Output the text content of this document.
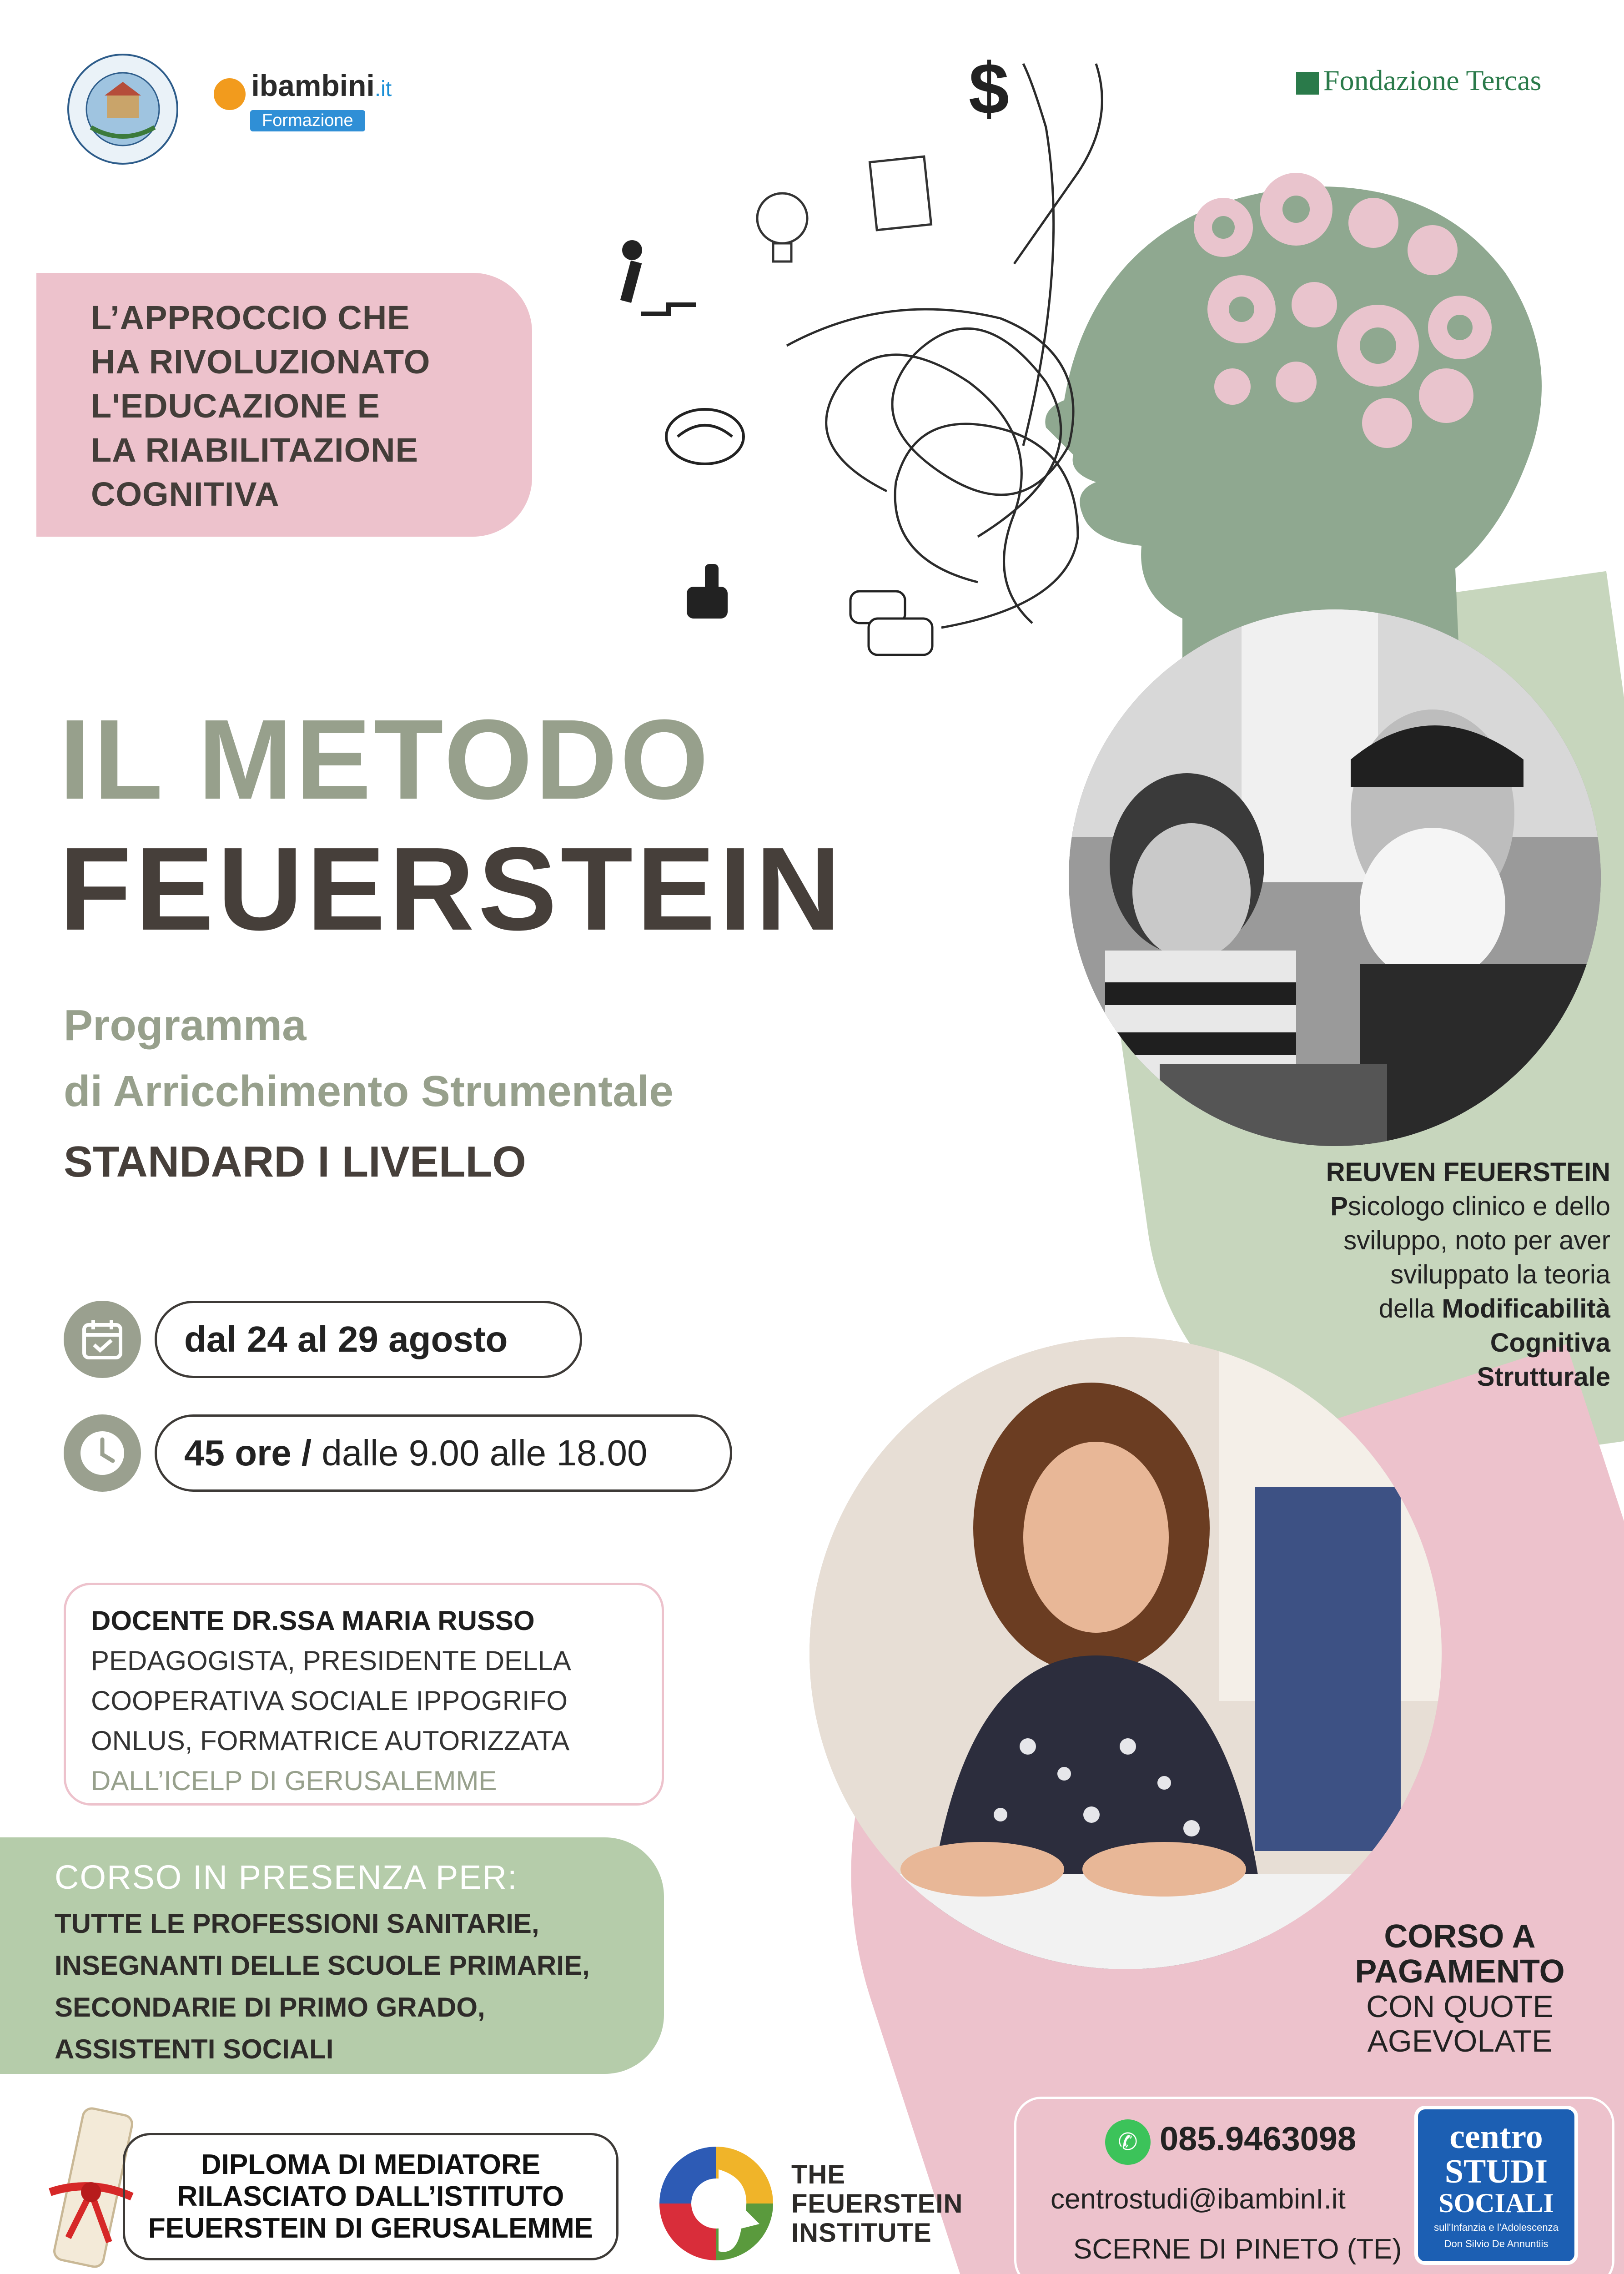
ibambini.it
Formazione
Fondazione Tercas
L’APPROCCIO CHE
HA RIVOLUZIONATO
L'EDUCAZIONE E
LA RIABILITAZIONE
COGNITIVA
$
IL METODO
FEUERSTEIN
Programma
di Arricchimento Strumentale
STANDARD I LIVELLO	REUVEN FEUERSTEIN
Psicologo clinico e dello
sviluppo, noto per aver
sviluppato la teoria
della Modificabilità
Cognitiva
Strutturale
dal 24 al 29 agosto
45 ore / dalle 9.00 alle 18.00
DOCENTE DR.SSA MARIA RUSSO
PEDAGOGISTA, PRESIDENTE DELLA
COOPERATIVA SOCIALE IPPOGRIFO
ONLUS, FORMATRICE AUTORIZZATA
DALL’ICELP DI GERUSALEMME
CORSO IN PRESENZA PER:
TUTTE LE PROFESSIONI SANITARIE,
INSEGNANTI DELLE SCUOLE PRIMARIE,
SECONDARIE DI PRIMO GRADO,
ASSISTENTI SOCIALI
CORSO A
PAGAMENTO
CON QUOTE
AGEVOLATE
DIPLOMA DI MEDIATORE
RILASCIATO DALL’ISTITUTO
FEUERSTEIN DI GERUSALEMME
THE
FEUERSTEIN
INSTITUTE
✆ 085.9463098
centrostudi@ibambinI.it
SCERNE DI PINETO (TE)
centro
STUDI
SOCIALI
sull'Infanzia e l'Adolescenza
Don Silvio De Annuntiis
